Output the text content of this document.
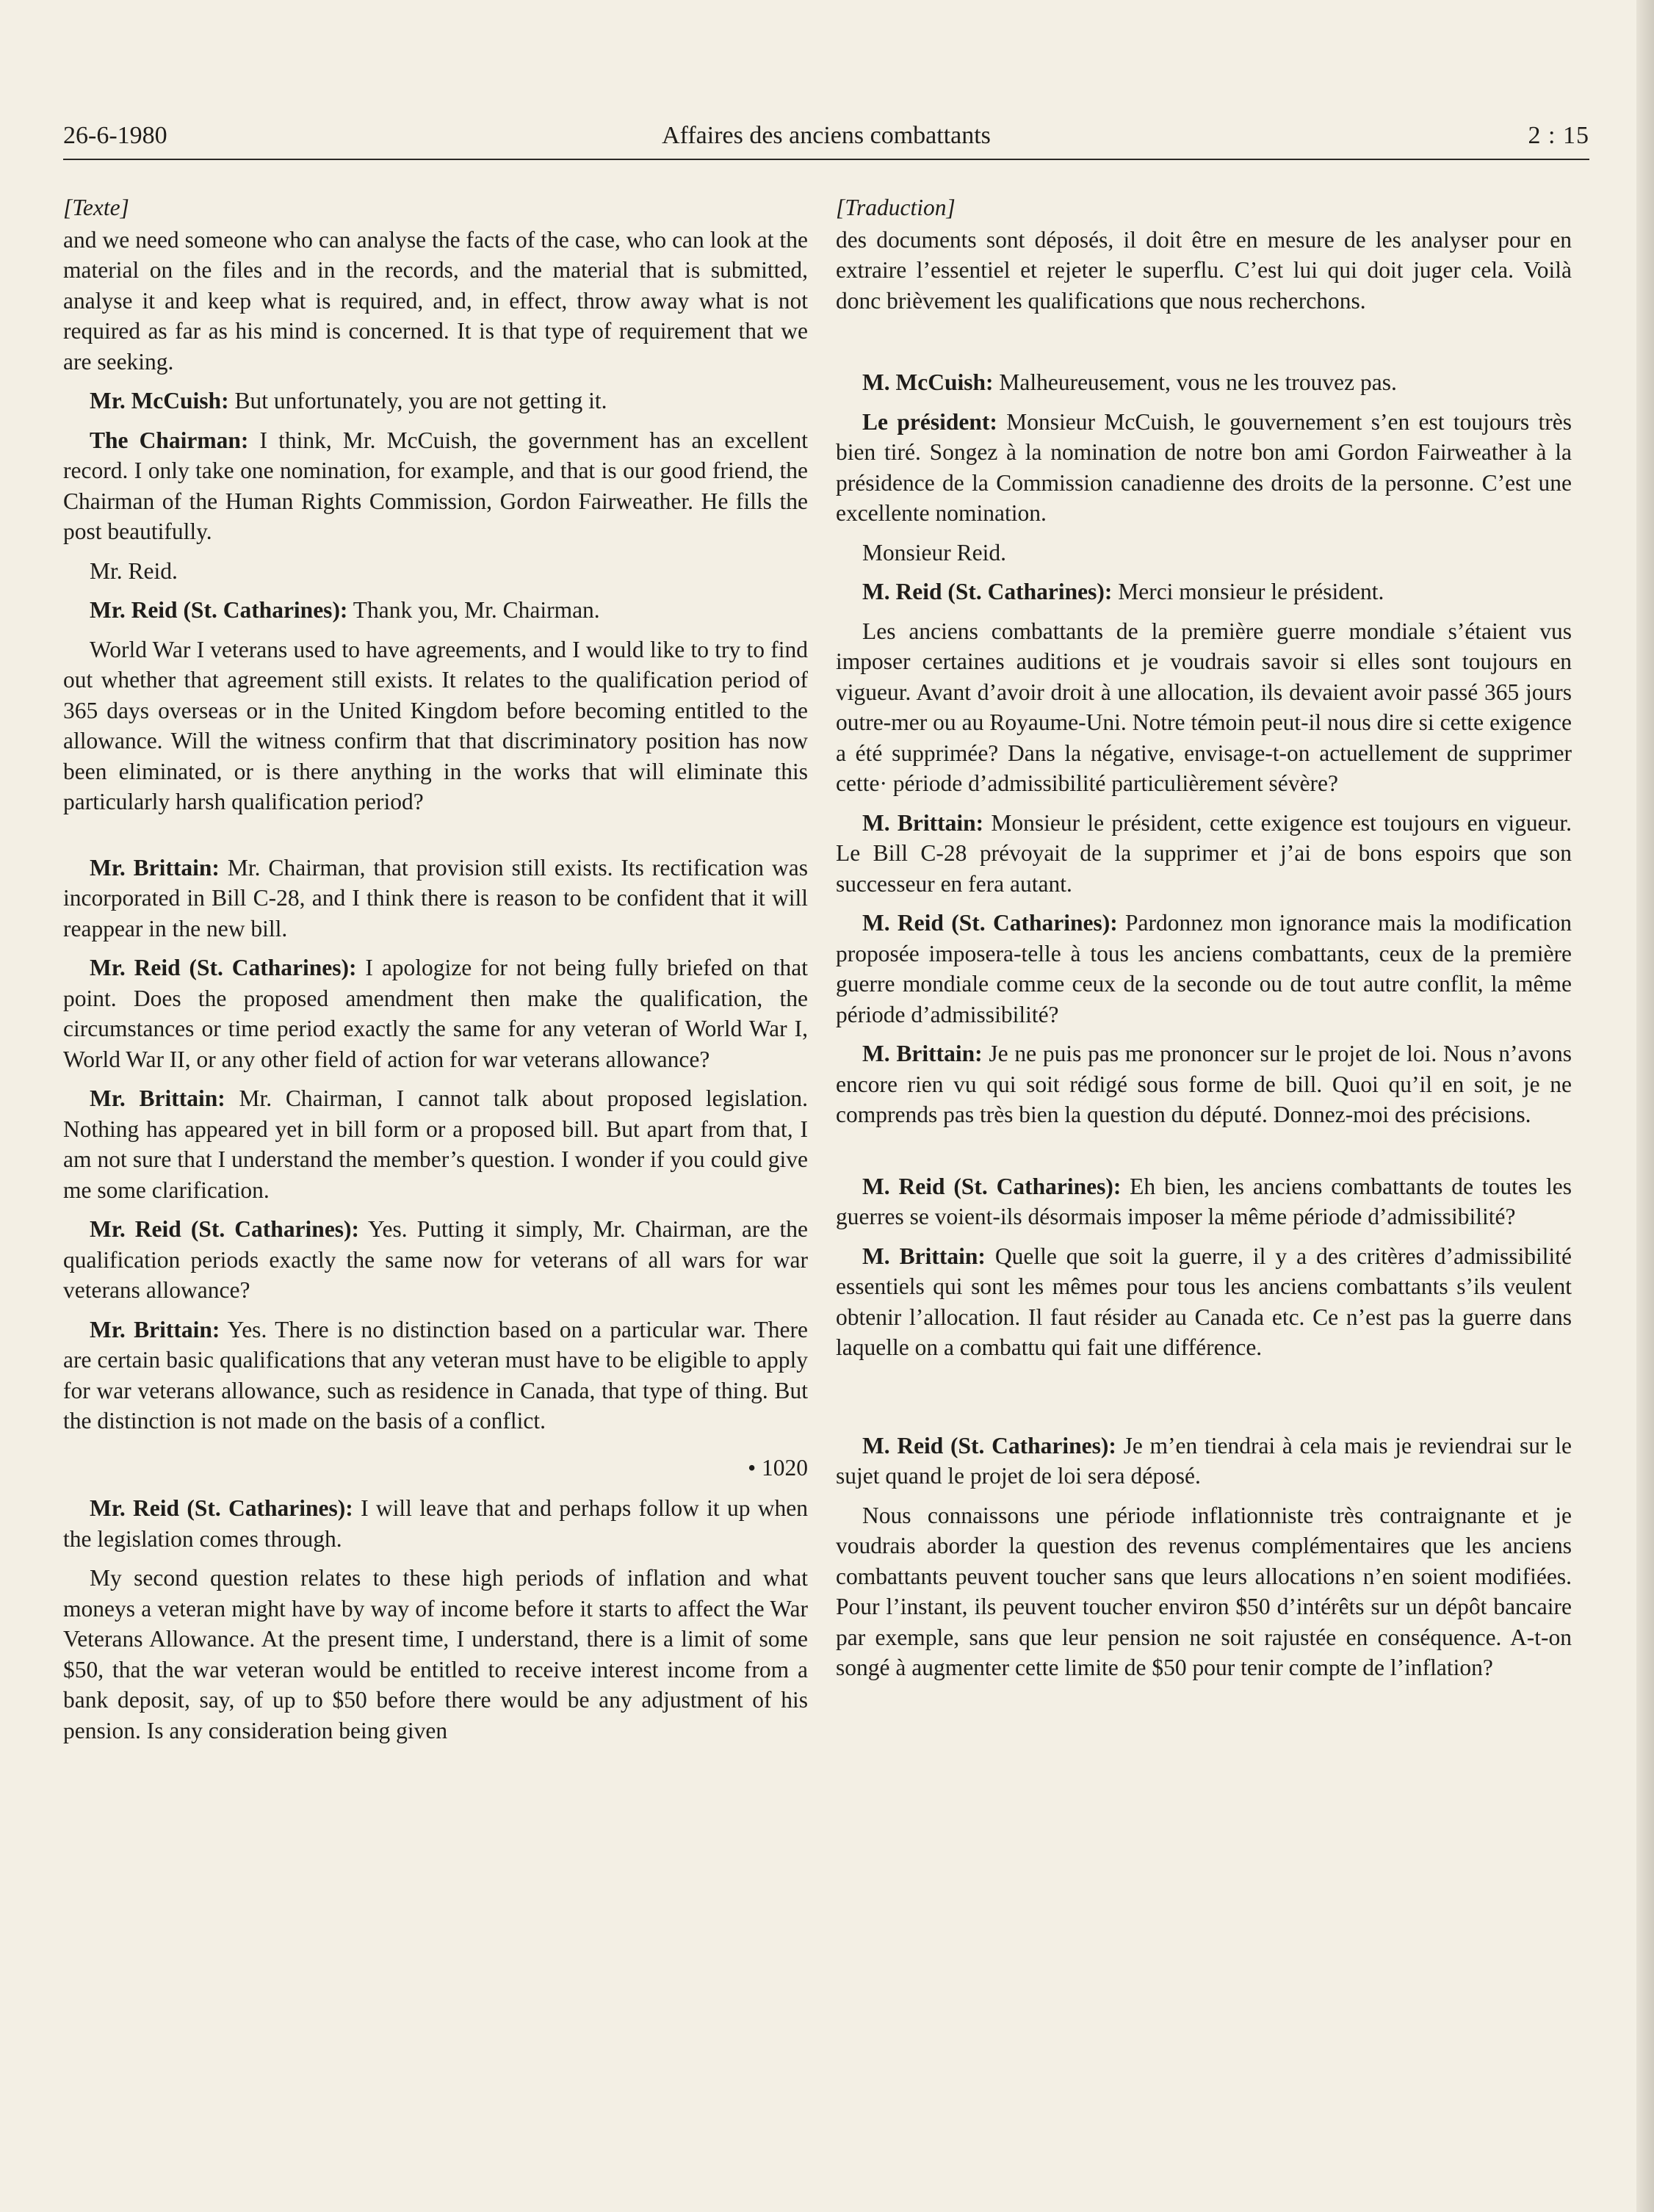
26-6-1980	Affaires des anciens combattants	2 : 15
[Texte]

and we need someone who can analyse the facts of the case, who can look at the material on the files and in the records, and the material that is submitted, analyse it and keep what is required, and, in effect, throw away what is not required as far as his mind is concerned. It is that type of requirement that we are seeking.

Mr. McCuish: But unfortunately, you are not getting it.

The Chairman: I think, Mr. McCuish, the government has an excellent record. I only take one nomination, for example, and that is our good friend, the Chairman of the Human Rights Commission, Gordon Fairweather. He fills the post beautifully.

Mr. Reid.

Mr. Reid (St. Catharines): Thank you, Mr. Chairman.

World War I veterans used to have agreements, and I would like to try to find out whether that agreement still exists. It relates to the qualification period of 365 days overseas or in the United Kingdom before becoming entitled to the allowance. Will the witness confirm that that discriminatory position has now been eliminated, or is there anything in the works that will eliminate this particularly harsh qualification period?

Mr. Brittain: Mr. Chairman, that provision still exists. Its rectification was incorporated in Bill C-28, and I think there is reason to be confident that it will reappear in the new bill.

Mr. Reid (St. Catharines): I apologize for not being fully briefed on that point. Does the proposed amendment then make the qualification, the circumstances or time period exactly the same for any veteran of World War I, World War II, or any other field of action for war veterans allowance?

Mr. Brittain: Mr. Chairman, I cannot talk about proposed legislation. Nothing has appeared yet in bill form or a proposed bill. But apart from that, I am not sure that I understand the member’s question. I wonder if you could give me some clarification.

Mr. Reid (St. Catharines): Yes. Putting it simply, Mr. Chairman, are the qualification periods exactly the same now for veterans of all wars for war veterans allowance?

Mr. Brittain: Yes. There is no distinction based on a particular war. There are certain basic qualifications that any veteran must have to be eligible to apply for war veterans allowance, such as residence in Canada, that type of thing. But the distinction is not made on the basis of a conflict.

• 1020

Mr. Reid (St. Catharines): I will leave that and perhaps follow it up when the legislation comes through.

My second question relates to these high periods of inflation and what moneys a veteran might have by way of income before it starts to affect the War Veterans Allowance. At the present time, I understand, there is a limit of some $50, that the war veteran would be entitled to receive interest income from a bank deposit, say, of up to $50 before there would be any adjustment of his pension. Is any consideration being given

[Traduction]

des documents sont déposés, il doit être en mesure de les analyser pour en extraire l’essentiel et rejeter le superflu. C’est lui qui doit juger cela. Voilà donc brièvement les qualifications que nous recherchons.

M. McCuish: Malheureusement, vous ne les trouvez pas.

Le président: Monsieur McCuish, le gouvernement s’en est toujours très bien tiré. Songez à la nomination de notre bon ami Gordon Fairweather à la présidence de la Commission canadienne des droits de la personne. C’est une excellente nomination.

Monsieur Reid.

M. Reid (St. Catharines): Merci monsieur le président.

Les anciens combattants de la première guerre mondiale s’étaient vus imposer certaines auditions et je voudrais savoir si elles sont toujours en vigueur. Avant d’avoir droit à une allocation, ils devaient avoir passé 365 jours outre-mer ou au Royaume-Uni. Notre témoin peut-il nous dire si cette exigence a été supprimée? Dans la négative, envisage-t-on actuellement de supprimer cette· période d’admissibilité particulièrement sévère?

M. Brittain: Monsieur le président, cette exigence est toujours en vigueur. Le Bill C-28 prévoyait de la supprimer et j’ai de bons espoirs que son successeur en fera autant.

M. Reid (St. Catharines): Pardonnez mon ignorance mais la modification proposée imposera-telle à tous les anciens combattants, ceux de la première guerre mondiale comme ceux de la seconde ou de tout autre conflit, la même période d’admissibilité?

M. Brittain: Je ne puis pas me prononcer sur le projet de loi. Nous n’avons encore rien vu qui soit rédigé sous forme de bill. Quoi qu’il en soit, je ne comprends pas très bien la question du député. Donnez-moi des précisions.

M. Reid (St. Catharines): Eh bien, les anciens combattants de toutes les guerres se voient-ils désormais imposer la même période d’admissibilité?

M. Brittain: Quelle que soit la guerre, il y a des critères d’admissibilité essentiels qui sont les mêmes pour tous les anciens combattants s’ils veulent obtenir l’allocation. Il faut résider au Canada etc. Ce n’est pas la guerre dans laquelle on a combattu qui fait une différence.

M. Reid (St. Catharines): Je m’en tiendrai à cela mais je reviendrai sur le sujet quand le projet de loi sera déposé.

Nous connaissons une période inflationniste très contraignante et je voudrais aborder la question des revenus complémentaires que les anciens combattants peuvent toucher sans que leurs allocations n’en soient modifiées. Pour l’instant, ils peuvent toucher environ $50 d’intérêts sur un dépôt bancaire par exemple, sans que leur pension ne soit rajustée en conséquence. A-t-on songé à augmenter cette limite de $50 pour tenir compte de l’inflation?
